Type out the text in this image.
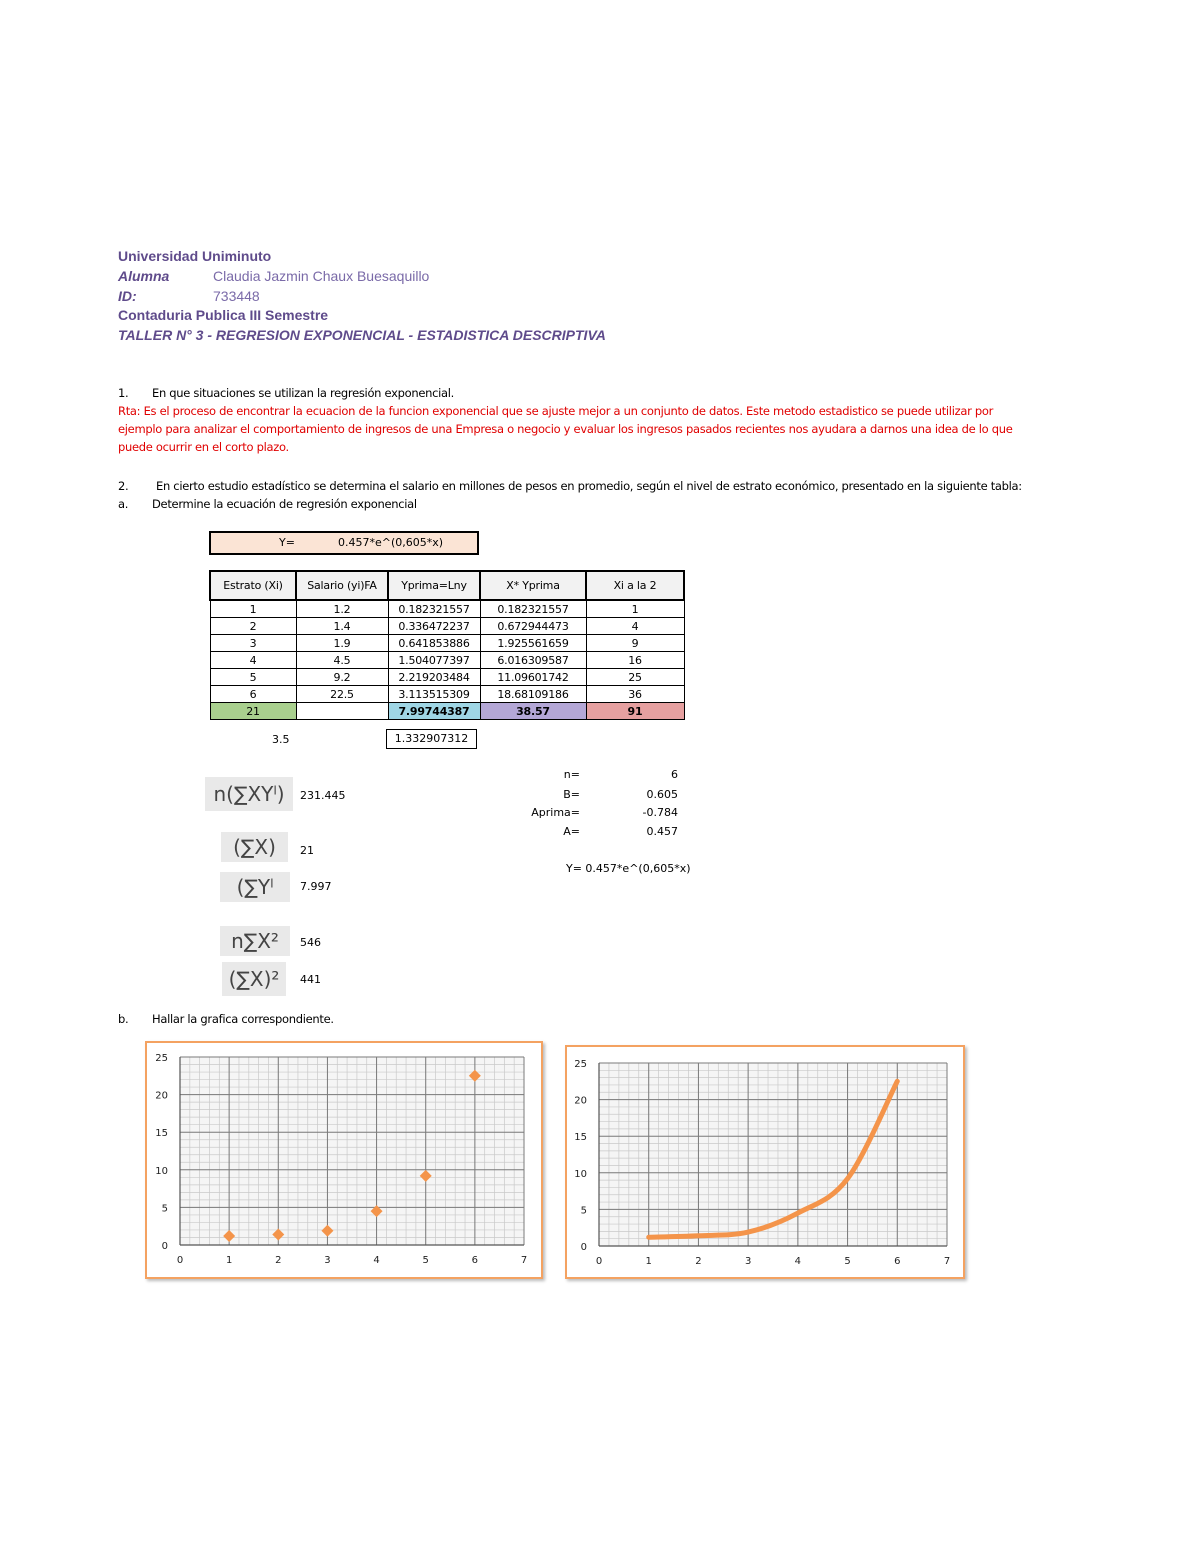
Universidad Uniminuto
Alumna	Claudia Jazmin Chaux Buesaquillo
ID:	733448
Contaduria Publica III Semestre
TALLER N° 3 - REGRESION EXPONENCIAL - ESTADISTICA DESCRIPTIVA
1. En que situaciones se utilizan la regresión exponencial.
Rta: Es el proceso de encontrar la ecuacion de la funcion exponencial que se ajuste mejor a un conjunto de datos. Este metodo estadistico se puede utilizar por
ejemplo para analizar el comportamiento de ingresos de una Empresa o negocio y evaluar los ingresos pasados recientes nos ayudara a darnos una idea de lo que
puede ocurrir en el corto plazo.
2. En cierto estudio estadístico se determina el salario en millones de pesos en promedio, según el nivel de estrato económico, presentado en la siguiente tabla:
a. Determine la ecuación de regresión exponencial
Y=	0.457*e^(0,605*x)
Estrato (Xi)	Salario (yi)FA	Yprima=Lny	X* Yprima	Xi a la 2
1	1.2	0.182321557	0.182321557	1
2	1.4	0.336472237	0.672944473	4
3	1.9	0.641853886	1.925561659	9
4	4.5	1.504077397	6.016309587	16
5	9.2	2.219203484	11.09601742	25
6	22.5	3.113515309	18.68109186	36
21		7.99744387	38.57	91
3.5	1.332907312
n(∑XYˡ)	231.445
(∑X)	21
(∑Yˡ	7.997
n∑X²	546
(∑X)²	441
n=	6
B=	0.605
Aprima=	-0.784
A=	0.457
Y= 0.457*e^(0,605*x)
b. Hallar la grafica correspondiente.
0	1	2	3	4	5	6	7
0
5
10
15
20
25
0	1	2	3	4	5	6	7
0
5
10
15
20
25
